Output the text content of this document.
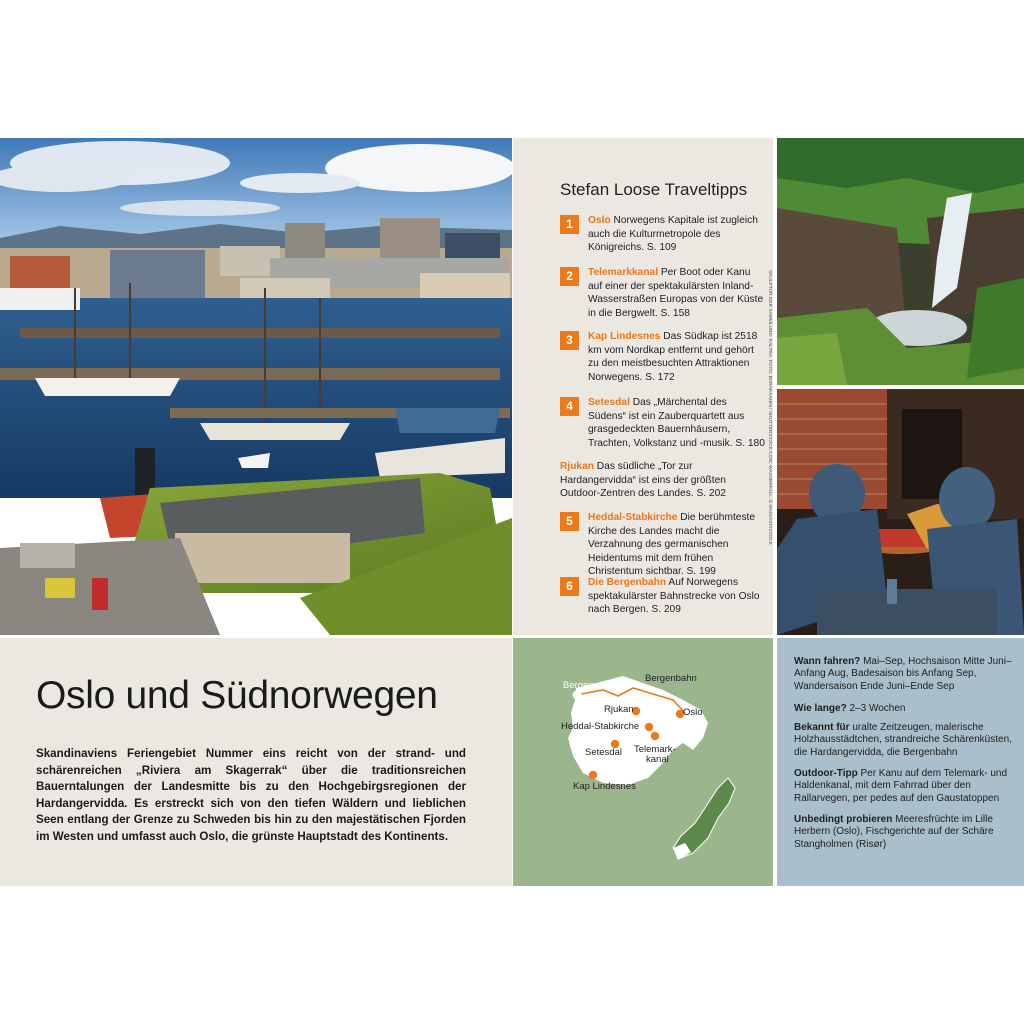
Stefan Loose Traveltipps
1	Oslo Norwegens Kapitale ist zugleich auch die Kulturmetropole des Königreichs. S. 109
2	Telemarkkanal Per Boot oder Kanu auf einer der spektakulärsten Inland-Wasserstraßen Europas von der Küste in die Bergwelt. S. 158
3	Kap Lindesnes Das Südkap ist 2518 km vom Nordkap entfernt und gehört zu den meistbesuchten Attraktionen Norwegens. S. 172
4	Setesdal Das „Märchental des Südens“ ist ein Zauberquartett aus grasgedeckten Bauernhäusern, Trachten, Volkstanz und -musik. S. 180
Rjukan Das südliche „Tor zur Hardangervidda“ ist eins der größten Outdoor-Zentren des Landes. S. 202
5	Heddal-Stabkirche Die berühmteste Kirche des Landes macht die Verzahnung des germanischen Heidentums mit dem frühen Christentum sichtbar. S. 199
6	Die Bergenbahn Auf Norwegens spektakulärster Bahnstrecke von Oslo nach Bergen. S. 209
SKULPTUR DER SAMMLUNG: KALTRA. FOTO: BURAKSAHIN / SHUTTERSTOCK.COM; WASSERFALL: © MAISANT/ISTOCK
Oslo und Südnorwegen
Skandinaviens Feriengebiet Nummer eins reicht von der strand- und schärenreichen „Riviera am Skagerrak“ über die traditionsreichen Bauerntalungen der Landesmitte bis zu den Hochgebirgsregionen der Hardangervidda. Es erstreckt sich von den tiefen Wäldern und lieblichen Seen entlang der Grenze zu Schweden bis hin zu den majestätischen Fjorden im Westen und umfasst auch Oslo, die grünste Hauptstadt des Kontinents.
Bergen
Bergenbahn
Rjukan	Oslo
Heddal-Stabkirche
Telemark-
kanal
Setesdal
Kap Lindesnes
Wann fahren? Mai–Sep, Hochsaison Mitte Juni–Anfang Aug, Badesaison bis Anfang Sep, Wandersaison Ende Juni–Ende Sep
Wie lange? 2–3 Wochen
Bekannt für uralte Zeitzeugen, malerische Holzhausstädtchen, strandreiche Schärenküsten, die Hardangervidda, die Bergenbahn
Outdoor-Tipp Per Kanu auf dem Telemark- und Haldenkanal, mit dem Fahrrad über den Rallarvegen, per pedes auf den Gaustatoppen
Unbedingt probieren Meeresfrüchte im Lille Herbern (Oslo), Fischgerichte auf der Schäre Stangholmen (Risør)
